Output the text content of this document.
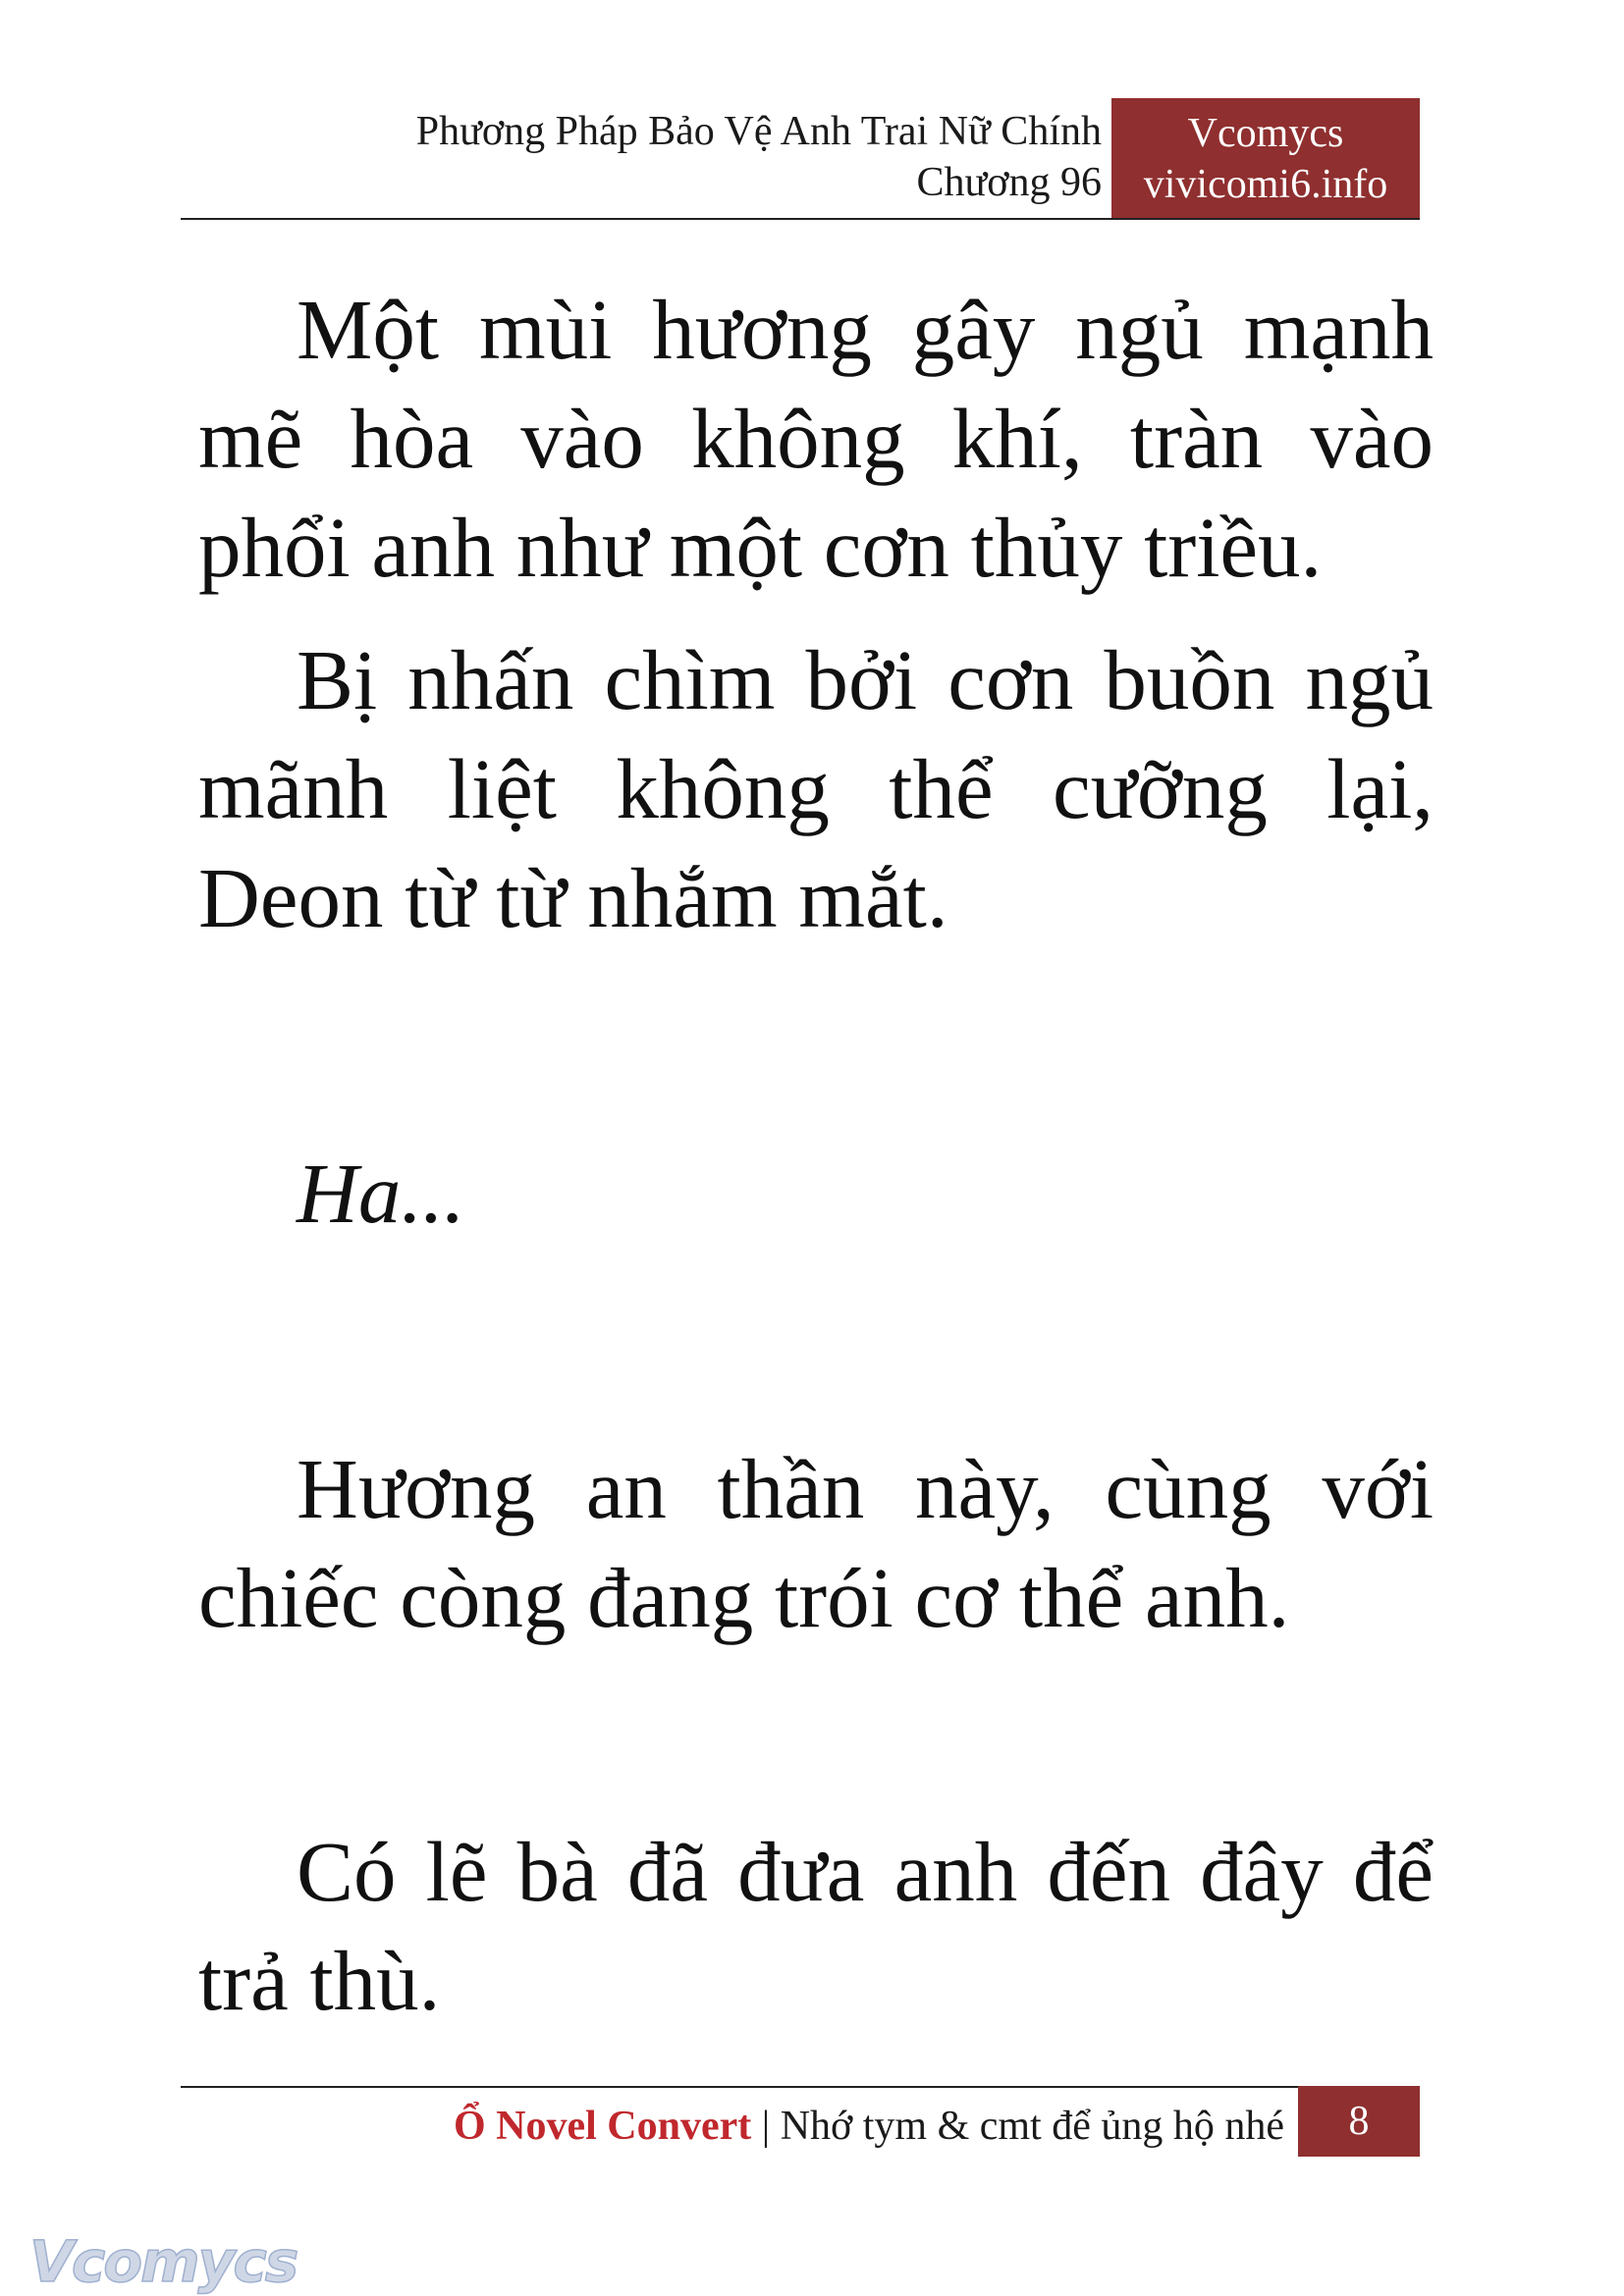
Phương Pháp Bảo Vệ Anh Trai Nữ Chính
Chương 96
Vcomycs
vivicomi6.info

Một mùi hương gây ngủ mạnh mẽ hòa vào không khí, tràn vào phổi anh như một cơn thủy triều.

Bị nhấn chìm bởi cơn buồn ngủ mãnh liệt không thể cưỡng lại, Deon từ từ nhắm mắt.

Ha...

Hương an thần này, cùng với chiếc còng đang trói cơ thể anh.

Có lẽ bà đã đưa anh đến đây để trả thù.

Ổ Novel Convert | Nhớ tym & cmt để ủng hộ nhé	8
Vcomycs
